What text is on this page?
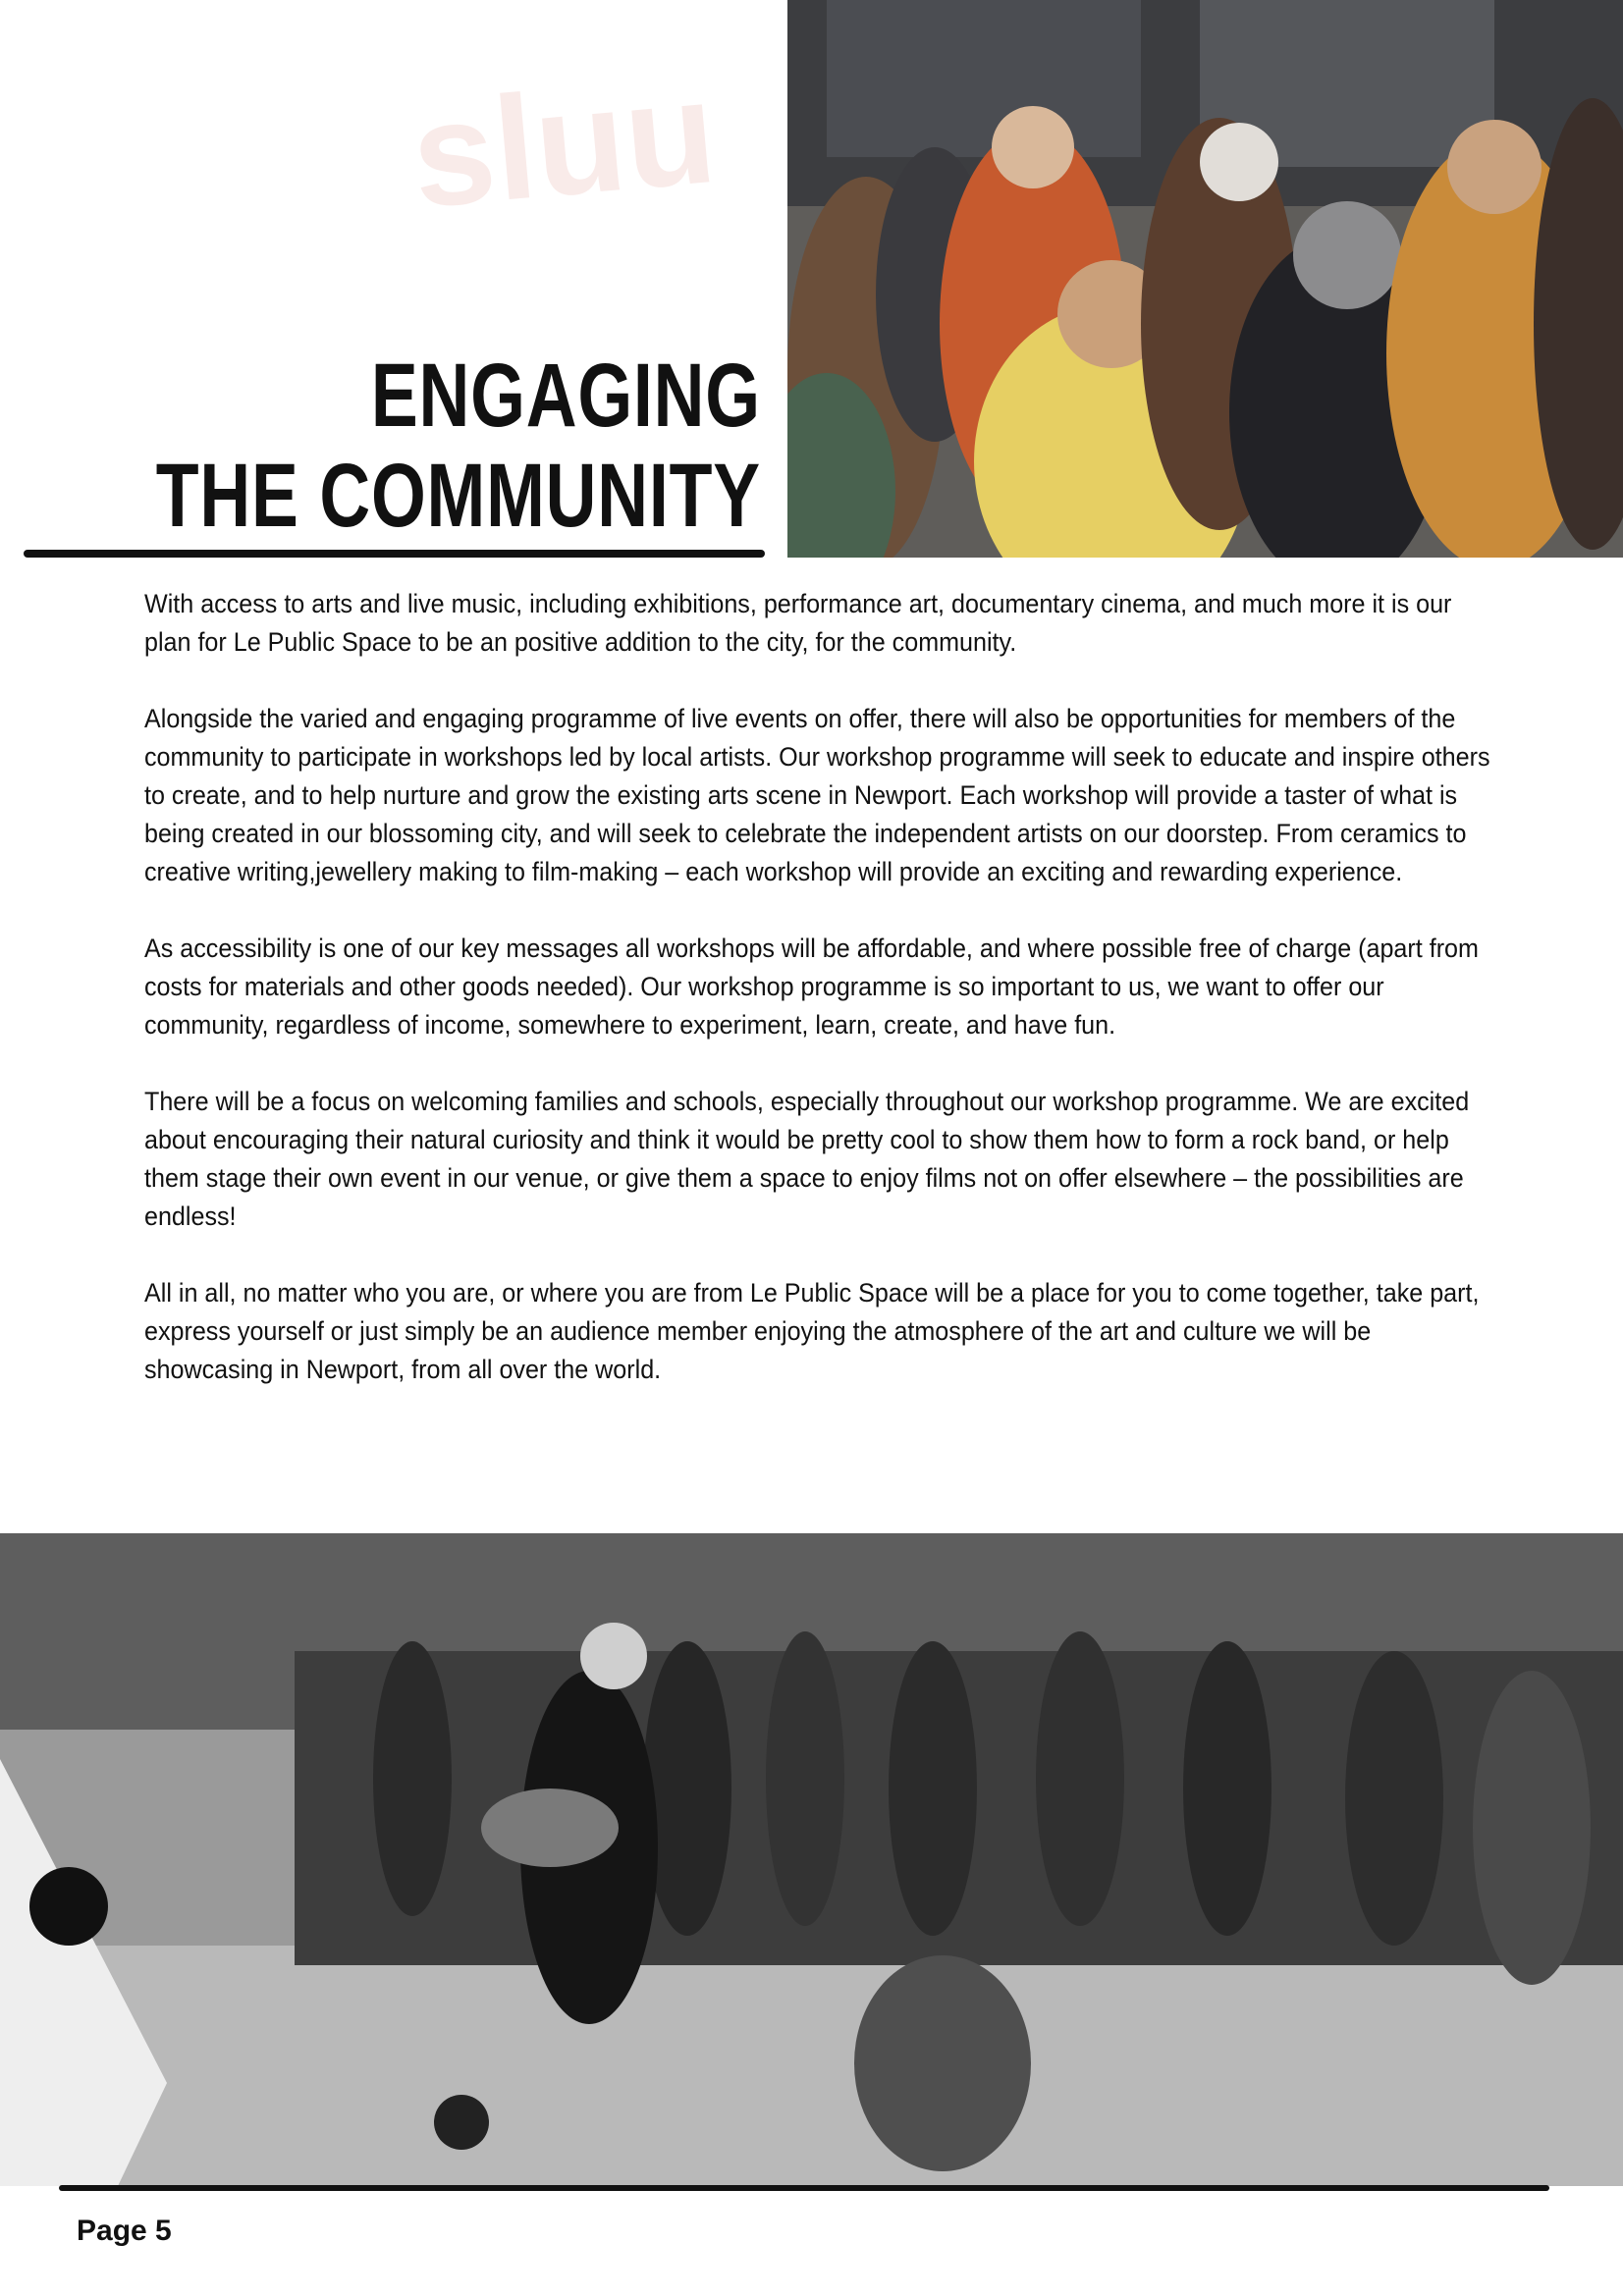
ENGAGING
THE COMMUNITY

With access to arts and live music, including exhibitions, performance art, documentary cinema, and much more it is our plan for Le Public Space to be an positive addition to the city, for the community.

Alongside the varied and engaging programme of live events on offer, there will also be opportunities for members of the community to participate in workshops led by local artists. Our workshop programme will seek to educate and inspire others to create, and to help nurture and grow the existing arts scene in Newport. Each workshop will provide a taster of what is being created in our blossoming city, and will seek to celebrate the independent artists on our doorstep. From ceramics to creative writing,jewellery making to film-making – each workshop will provide an exciting and rewarding experience.

As accessibility is one of our key messages all workshops will be affordable, and where possible free of charge (apart from costs for materials and other goods needed). Our workshop programme is so important to us, we want to offer our community, regardless of income, somewhere to experiment, learn, create, and have fun.

There will be a focus on welcoming families and schools, especially throughout our workshop programme. We are excited about encouraging their natural curiosity and think it would be pretty cool to show them how to form a rock band, or help them stage their own event in our venue, or give them a space to enjoy films not on offer elsewhere – the possibilities are endless!

All in all, no matter who you are, or where you are from Le Public Space will be a place for you to come together, take part, express yourself or just simply be an audience member enjoying the atmosphere of the art and culture we will be showcasing in Newport, from all over the world.

Page 5
sluu
